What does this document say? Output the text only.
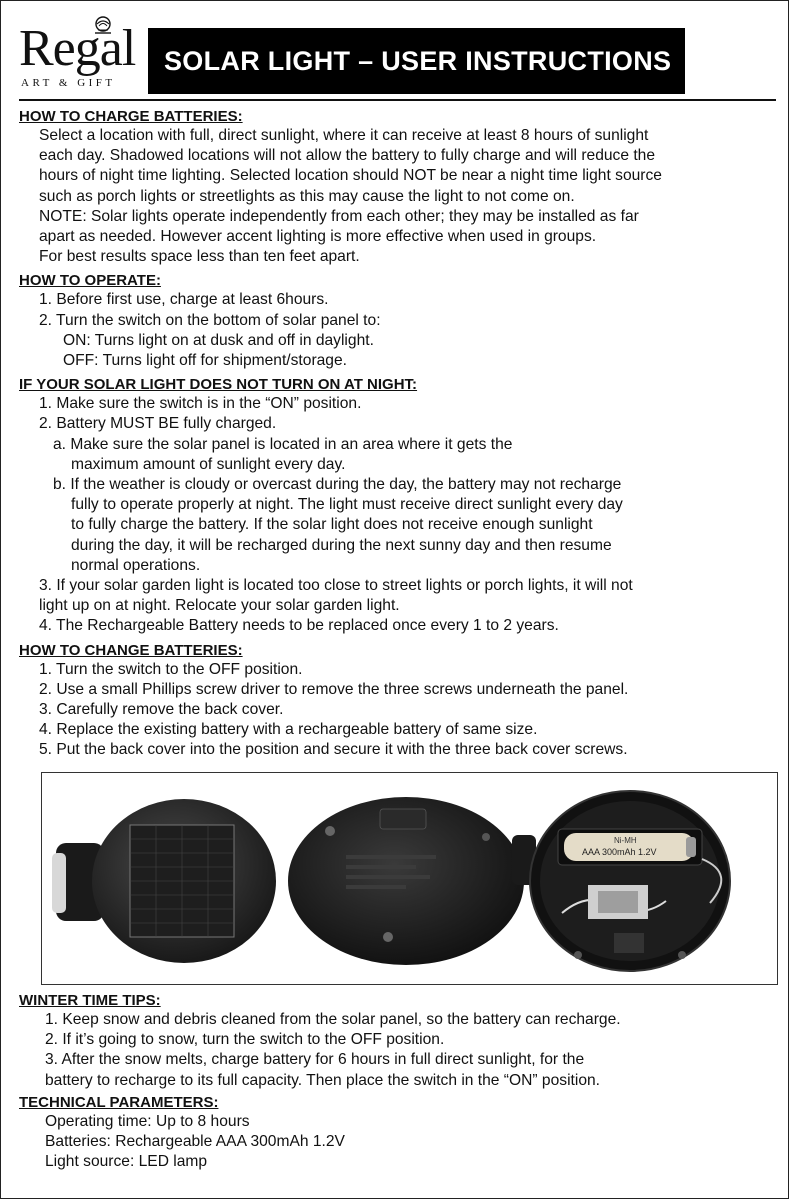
Regal
ART & GIFT
SOLAR LIGHT – USER INSTRUCTIONS
HOW TO CHARGE BATTERIES:
Select a location with full, direct sunlight, where it can receive at least 8 hours of sunlight
each day. Shadowed locations will not allow the battery to fully charge and will reduce the
hours of night time lighting. Selected location should NOT be near a night time light source
such as porch lights or streetlights as this may cause the light to not come on.
NOTE: Solar lights operate independently from each other; they may be installed as far
apart as needed. However accent lighting is more effective when used in groups.
For best results space less than ten feet apart.
HOW TO OPERATE:
1. Before first use, charge at least 6hours.
2. Turn the switch on the bottom of solar panel to:
ON: Turns light on at dusk and off in daylight.
OFF: Turns light off for shipment/storage.
IF YOUR SOLAR LIGHT DOES NOT TURN ON AT NIGHT:
1. Make sure the switch is in the “ON” position.
2. Battery MUST BE fully charged.
a. Make sure the solar panel is located in an area where it gets the
maximum amount of sunlight every day.
b. If the weather is cloudy or overcast during the day, the battery may not recharge
fully to operate properly at night. The light must receive direct sunlight every day
to fully charge the battery. If the solar light does not receive enough sunlight
during the day, it will be recharged during the next sunny day and then resume
normal operations.
3. If your solar garden light is located too close to street lights or porch lights, it will not
light up on at night. Relocate your solar garden light.
4. The Rechargeable Battery needs to be replaced once every 1 to 2 years.
HOW TO CHANGE BATTERIES:
1. Turn the switch to the OFF position.
2. Use a small Phillips screw driver to remove the three screws underneath the panel.
3. Carefully remove the back cover.
4. Replace the existing battery with a rechargeable battery of same size.
5. Put the back cover into the position and secure it with the three back cover screws.
Ni-MH
AAA 300mAh 1.2V
WINTER TIME TIPS:
1. Keep snow and debris cleaned from the solar panel, so the battery can recharge.
2. If it’s going to snow, turn the switch to the OFF position.
3. After the snow melts, charge battery for 6 hours in full direct sunlight, for the
battery to recharge to its full capacity. Then place the switch in the “ON” position.
TECHNICAL PARAMETERS:
Operating time: Up to 8 hours
Batteries: Rechargeable AAA 300mAh 1.2V
Light source: LED lamp
